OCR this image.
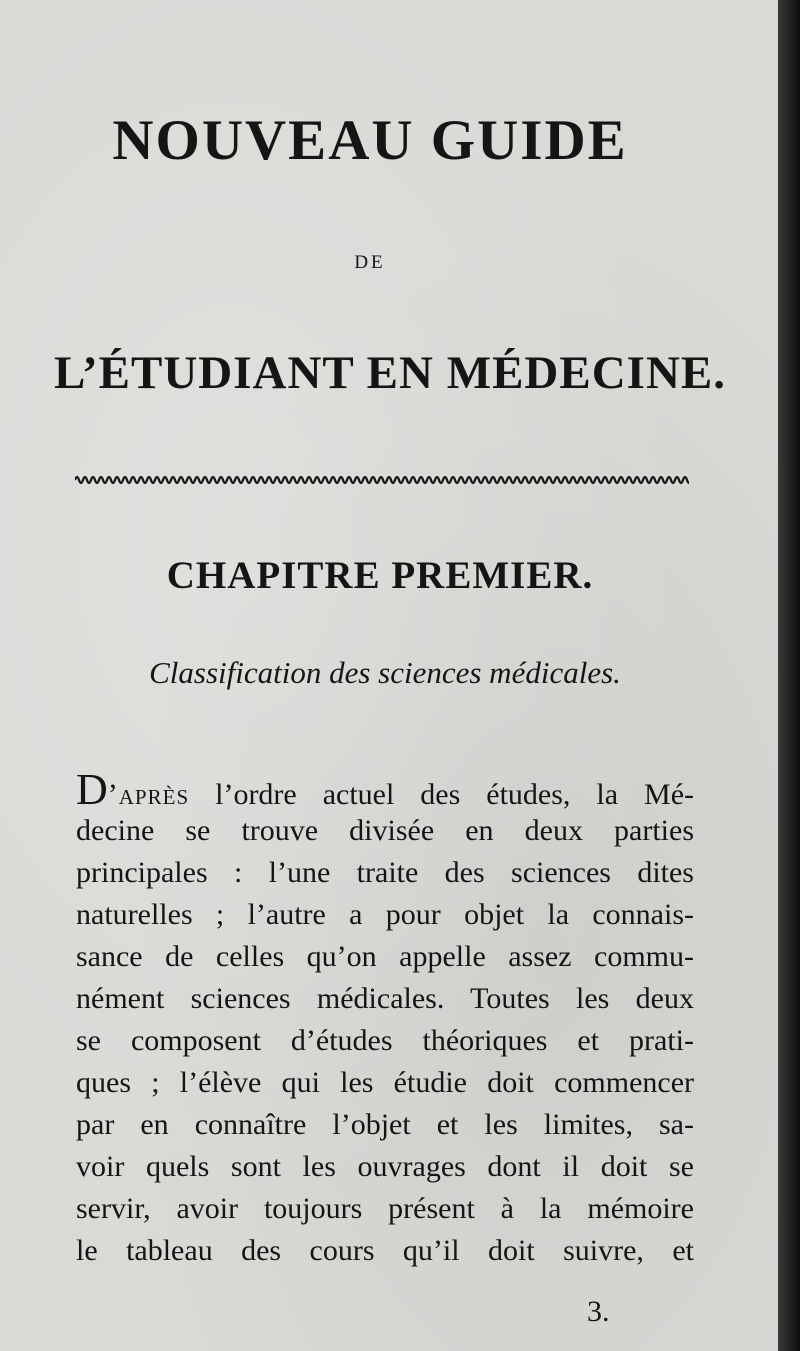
NOUVEAU GUIDE
DE
L’ÉTUDIANT EN MÉDECINE.
CHAPITRE PREMIER.
Classification des sciences médicales.
D’après l’ordre actuel des études, la Mé-
decine se trouve divisée en deux parties
principales : l’une traite des sciences dites
naturelles ; l’autre a pour objet la connais-
sance de celles qu’on appelle assez commu-
nément sciences médicales. Toutes les deux
se composent d’études théoriques et prati-
ques ; l’élève qui les étudie doit commencer
par en connaître l’objet et les limites, sa-
voir quels sont les ouvrages dont il doit se
servir, avoir toujours présent à la mémoire
le tableau des cours qu’il doit suivre, et
3.
